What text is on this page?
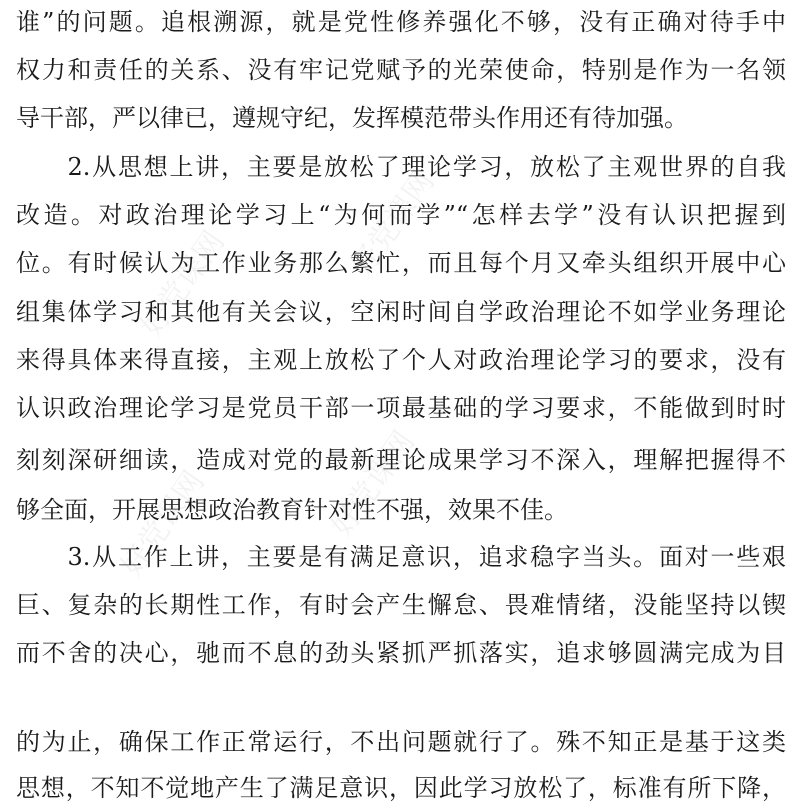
好党课网
好党课网
好党课网	好党课网
谁”的问题。追根溯源，就是党性修养强化不够，没有正确对待手中
权力和责任的关系、没有牢记党赋予的光荣使命，特别是作为一名领
导干部，严以律已，遵规守纪，发挥模范带头作用还有待加强。
　　2.从思想上讲，主要是放松了理论学习，放松了主观世界的自我
改造。对政治理论学习上“为何而学”“怎样去学”没有认识把握到
位。有时候认为工作业务那么繁忙，而且每个月又牵头组织开展中心
组集体学习和其他有关会议，空闲时间自学政治理论不如学业务理论
来得具体来得直接，主观上放松了个人对政治理论学习的要求，没有
认识政治理论学习是党员干部一项最基础的学习要求，不能做到时时
刻刻深研细读，造成对党的最新理论成果学习不深入，理解把握得不
够全面，开展思想政治教育针对性不强，效果不佳。
　　3.从工作上讲，主要是有满足意识，追求稳字当头。面对一些艰
巨、复杂的长期性工作，有时会产生懈怠、畏难情绪，没能坚持以锲
而不舍的决心，驰而不息的劲头紧抓严抓落实，追求够圆满完成为目
的为止，确保工作正常运行，不出问题就行了。殊不知正是基于这类
思想，不知不觉地产生了满足意识，因此学习放松了，标准有所下降，
